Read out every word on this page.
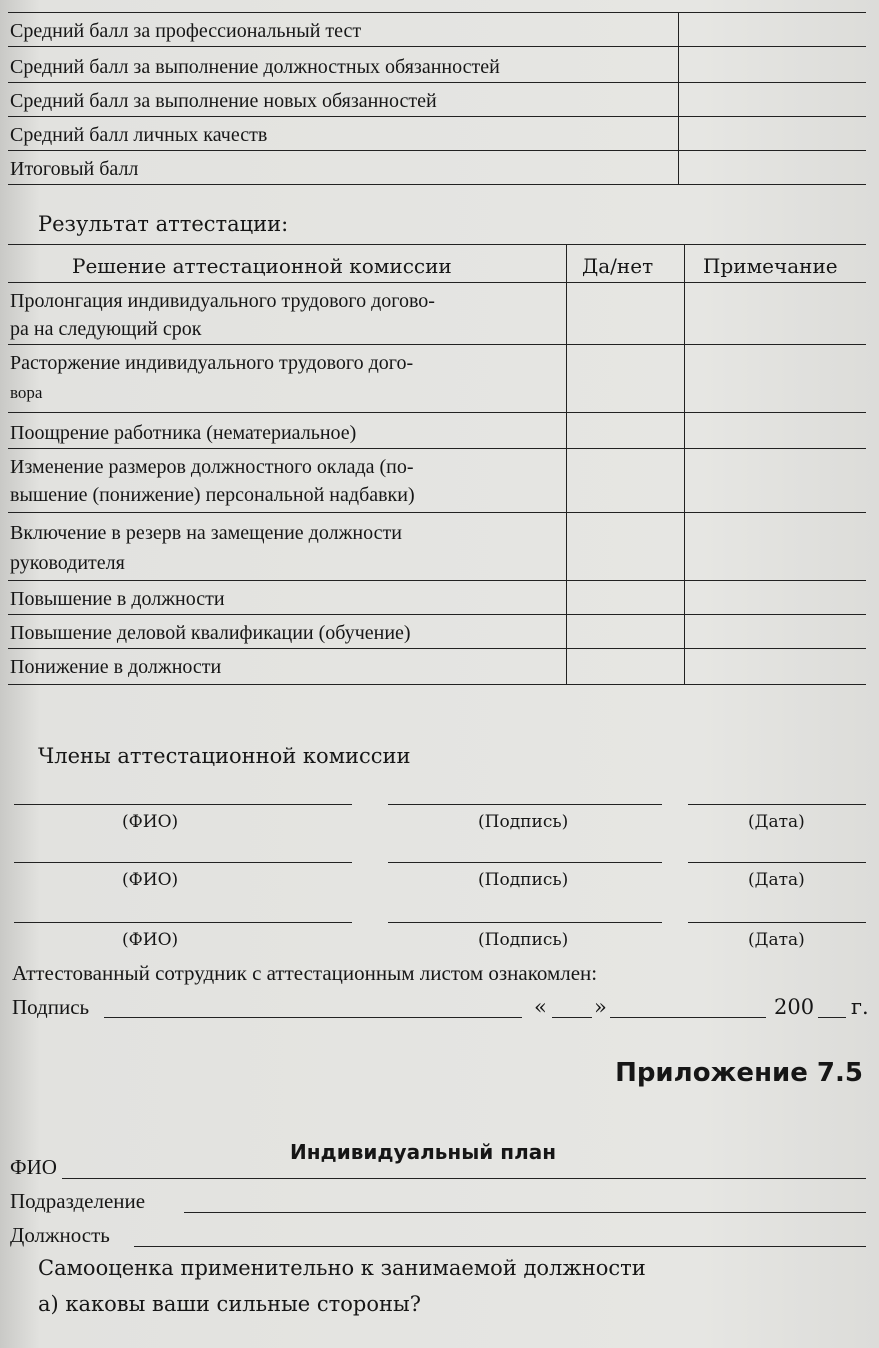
Средний балл за профессиональный тест
Средний балл за выполнение должностных обязанностей
Средний балл за выполнение новых обязанностей
Средний балл личных качеств
Итоговый балл
Результат аттестации:
Решение аттестационной комиссии	Да/нет Примечание
Пролонгация индивидуального трудового догово-
ра на следующий срок
Расторжение индивидуального трудового дого-
вора
Поощрение работника (нематериальное)
Изменение размеров должностного оклада (по-
вышение (понижение) персональной надбавки)
Включение в резерв на замещение должности
руководителя
Повышение в должности
Повышение деловой квалификации (обучение)
Понижение в должности
Члены аттестационной комиссии
(ФИО)	(Подпись)	(Дата)
(ФИО)	(Подпись)	(Дата)
(ФИО)	(Подпись)	(Дата)
Аттестованный сотрудник с аттестационным листом ознакомлен:
Подпись	« »	200 г.
Приложение 7.5
Индивидуальный план
ФИО
Подразделение
Должность
Самооценка применительно к занимаемой должности
а) каковы ваши сильные стороны?
